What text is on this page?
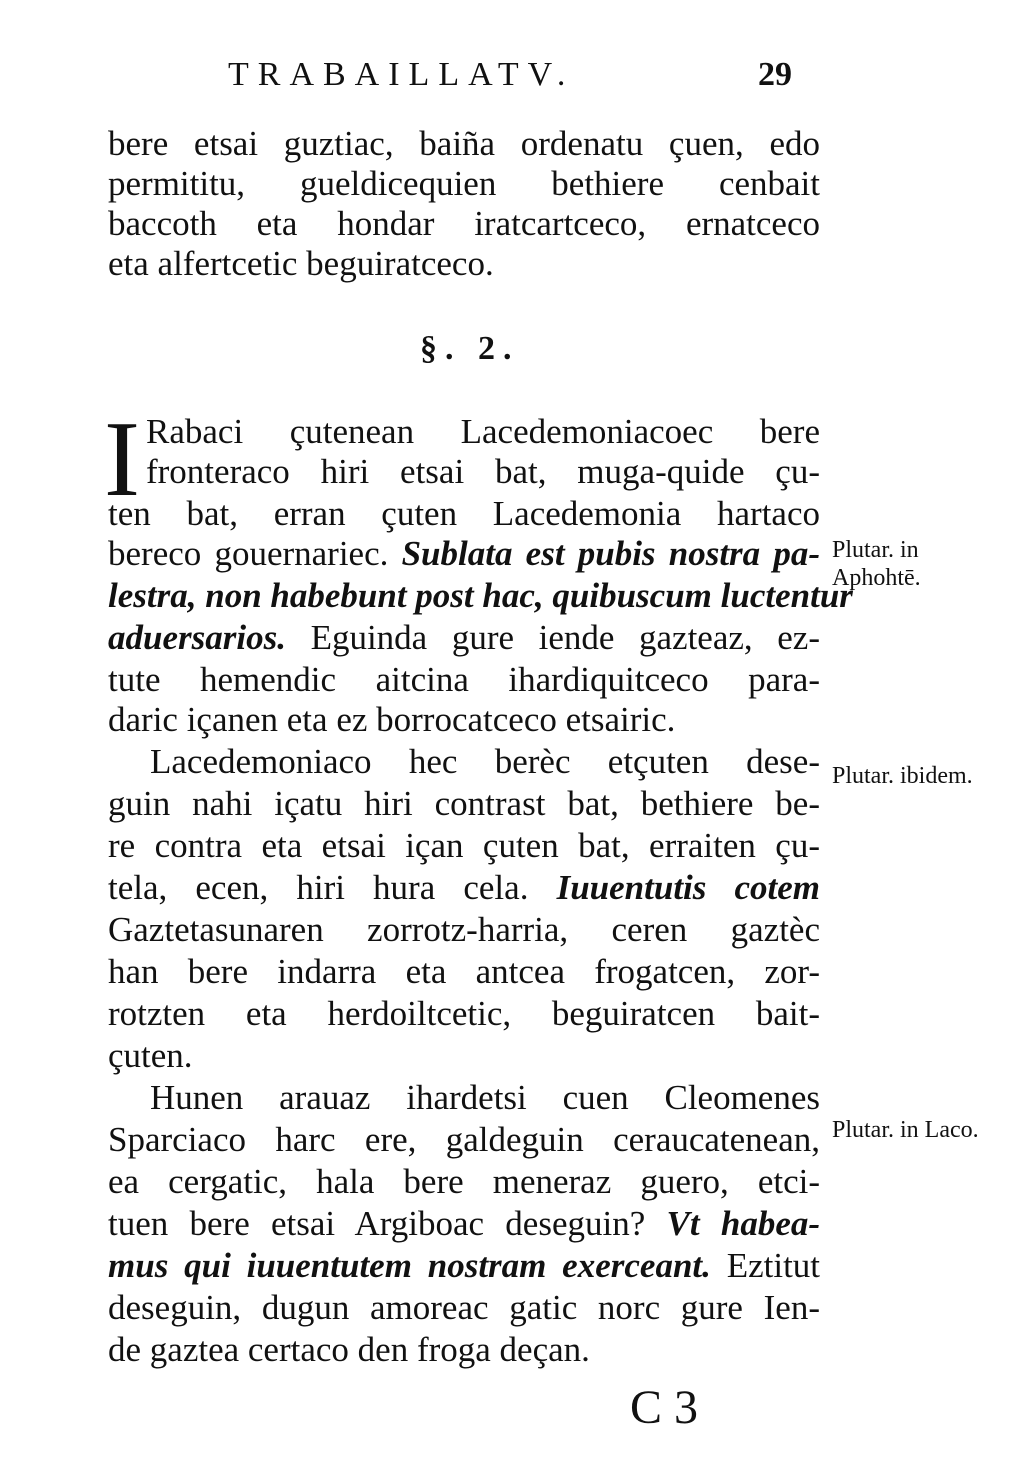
TRABAILLATV.	29
bere etsai guztiac, baiña ordenatu çuen, edo
permititu, gueldicequien bethiere cenbait
baccoth eta hondar iratcartceco, ernatceco
eta alfertcetic beguiratceco.
§. 2.
I Rabaci çutenean Lacedemoniacoec bere
fronteraco hiri etsai bat, muga-quide çu-
ten bat, erran çuten Lacedemonia hartaco
bereco gouernariec. Sublata est pubis nostra pa-
lestra, non habebunt post hac, quibuscum luctentur
aduersarios. Eguinda gure iende gazteaz, ez-
tute hemendic aitcina ihardiquitceco para-
daric içanen eta ez borrocatceco etsairic.
Lacedemoniaco hec berèc etçuten dese-
guin nahi içatu hiri contrast bat, bethiere be-
re contra eta etsai içan çuten bat, erraiten çu-
tela, ecen, hiri hura cela. Iuuentutis cotem
Gaztetasunaren zorrotz-harria, ceren gaztèc
han bere indarra eta antcea frogatcen, zor-
rotzten eta herdoiltcetic, beguiratcen bait-
çuten.
Hunen arauaz ihardetsi cuen Cleomenes
Sparciaco harc ere, galdeguin ceraucatenean,
ea cergatic, hala bere meneraz guero, etci-
tuen bere etsai Argiboac deseguin? Vt habea-
mus qui iuuentutem nostram exerceant. Eztitut
deseguin, dugun amoreac gatic norc gure Ien-
de gaztea certaco den froga deçan.
Plutar. in Aphohtē.
Plutar. ibidem.
Plutar. in Laco.
C 3
